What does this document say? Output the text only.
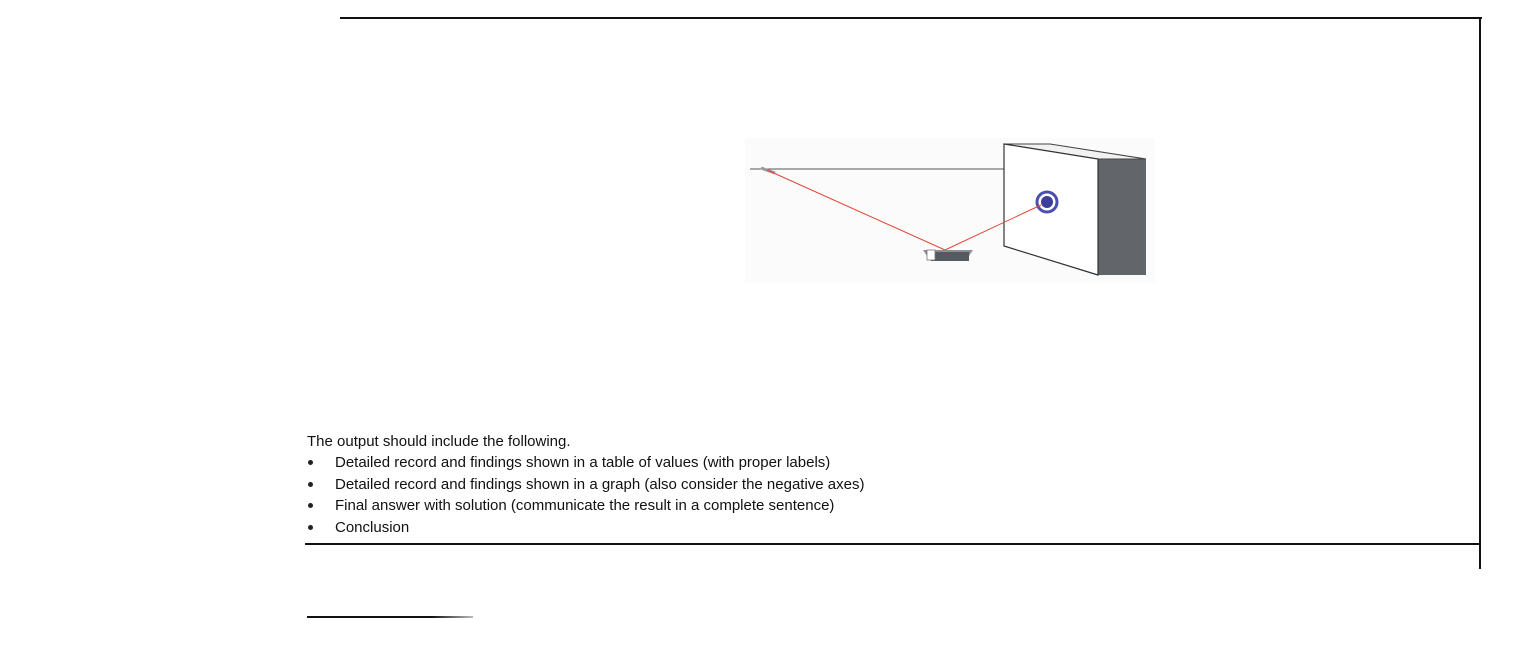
The output should include the following.

Detailed record and findings shown in a table of values (with proper labels)
Detailed record and findings shown in a graph (also consider the negative axes)
Final answer with solution (communicate the result in a complete sentence)
Conclusion
